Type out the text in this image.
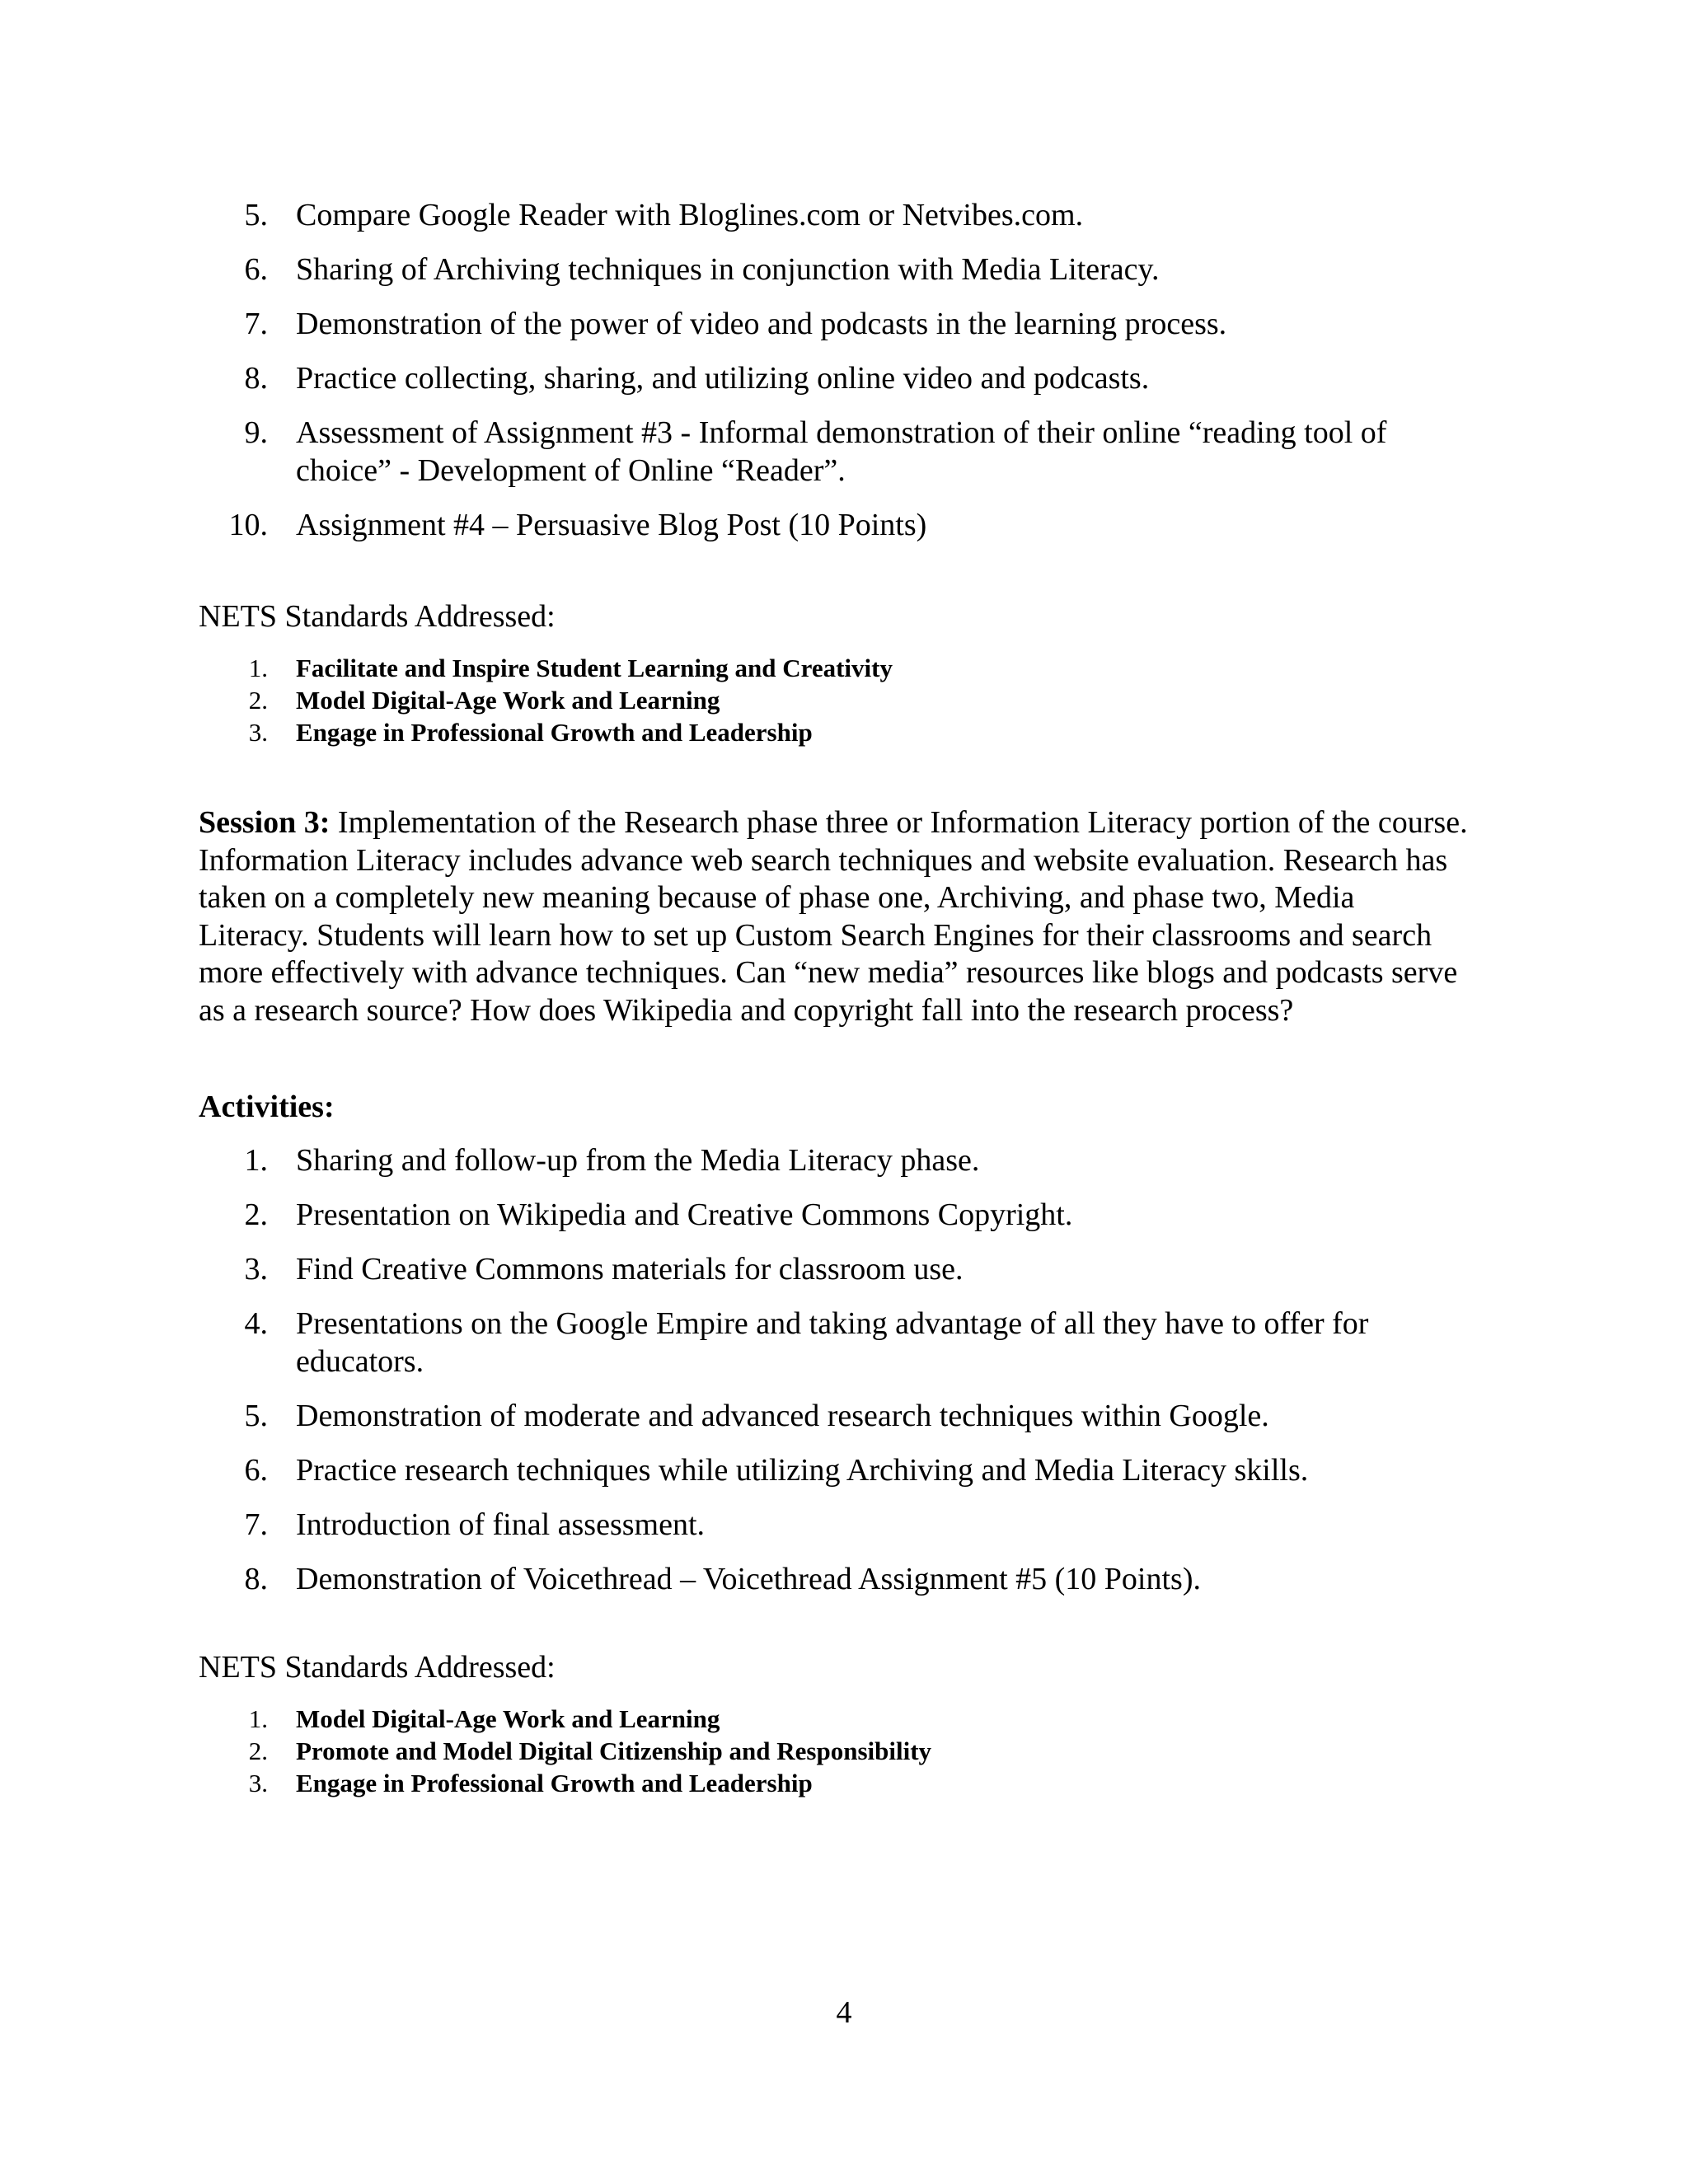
5. Compare Google Reader with Bloglines.com or Netvibes.com.
6. Sharing of Archiving techniques in conjunction with Media Literacy.
7. Demonstration of the power of video and podcasts in the learning process.
8. Practice collecting, sharing, and utilizing online video and podcasts.
9. Assessment of Assignment #3 - Informal demonstration of their online “reading tool of choice” - Development of Online “Reader”.
10. Assignment #4 – Persuasive Blog Post (10 Points)
NETS Standards Addressed:
1. Facilitate and Inspire Student Learning and Creativity
2. Model Digital-Age Work and Learning
3. Engage in Professional Growth and Leadership
Session 3: Implementation of the Research phase three or Information Literacy portion of the course. Information Literacy includes advance web search techniques and website evaluation. Research has taken on a completely new meaning because of phase one, Archiving, and phase two, Media Literacy. Students will learn how to set up Custom Search Engines for their classrooms and search more effectively with advance techniques. Can “new media” resources like blogs and podcasts serve as a research source? How does Wikipedia and copyright fall into the research process?
Activities:
1. Sharing and follow-up from the Media Literacy phase.
2. Presentation on Wikipedia and Creative Commons Copyright.
3. Find Creative Commons materials for classroom use.
4. Presentations on the Google Empire and taking advantage of all they have to offer for educators.
5. Demonstration of moderate and advanced research techniques within Google.
6. Practice research techniques while utilizing Archiving and Media Literacy skills.
7. Introduction of final assessment.
8. Demonstration of Voicethread – Voicethread Assignment #5 (10 Points).
NETS Standards Addressed:
1. Model Digital-Age Work and Learning
2. Promote and Model Digital Citizenship and Responsibility
3. Engage in Professional Growth and Leadership
4
